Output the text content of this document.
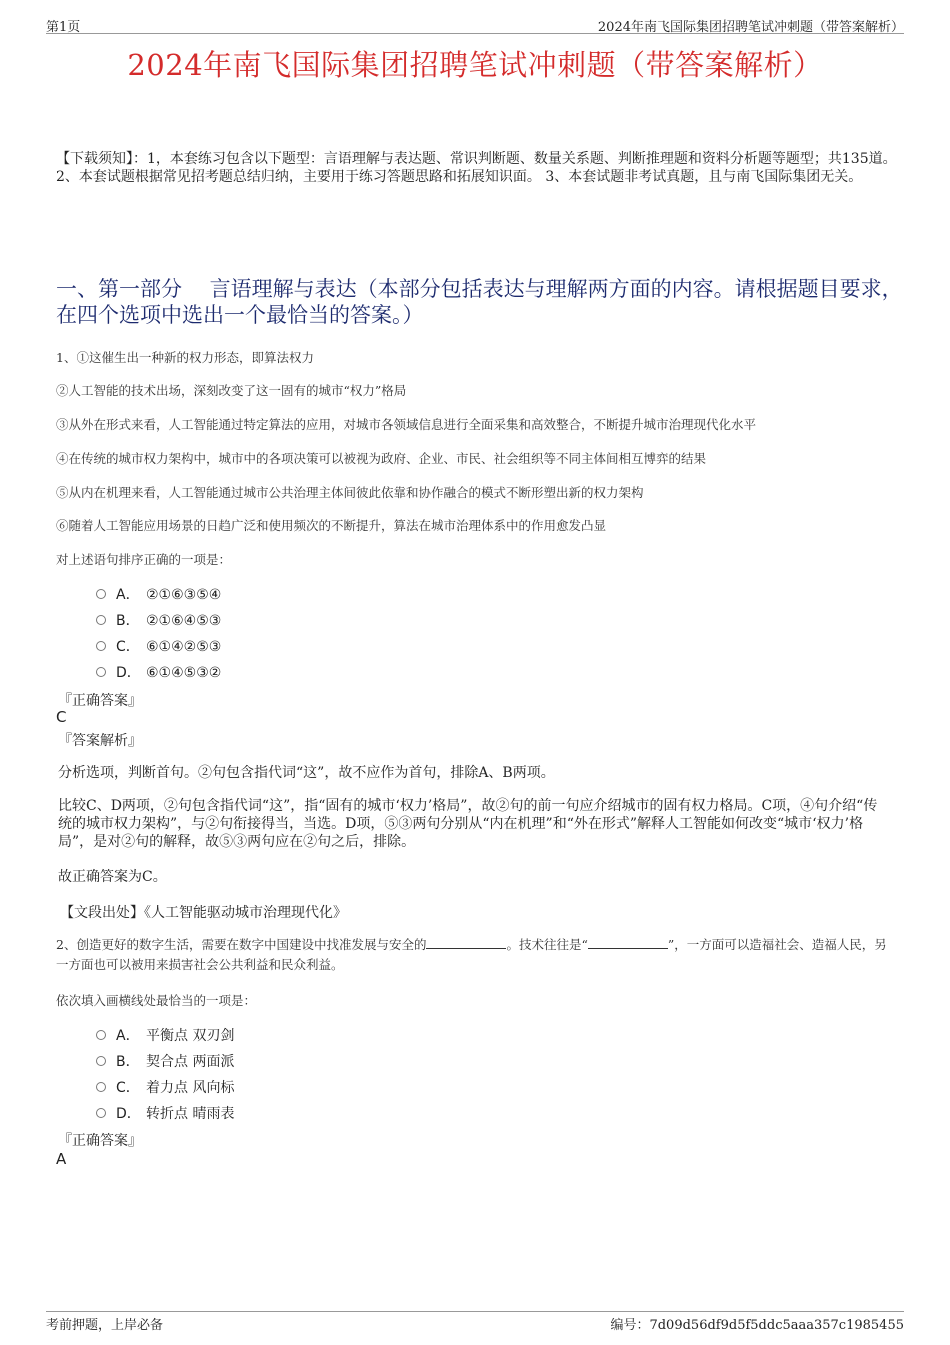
第1页	2024年南飞国际集团招聘笔试冲刺题（带答案解析）
2024年南飞国际集团招聘笔试冲刺题（带答案解析）
【下载须知】：1，本套练习包含以下题型：言语理解与表达题、常识判断题、数量关系题、判断推理题和资料分析题等题型；共135道。 2、本套试题根据常见招考题总结归纳，主要用于练习答题思路和拓展知识面。 3、本套试题非考试真题，且与南飞国际集团无关。
一、第一部分　 言语理解与表达（本部分包括表达与理解两方面的内容。请根据题目要求，在四个选项中选出一个最恰当的答案。）
1、①这催生出一种新的权力形态，即算法权力
②人工智能的技术出场，深刻改变了这一固有的城市“权力”格局
③从外在形式来看，人工智能通过特定算法的应用，对城市各领域信息进行全面采集和高效整合，不断提升城市治理现代化水平
④在传统的城市权力架构中，城市中的各项决策可以被视为政府、企业、市民、社会组织等不同主体间相互博弈的结果
⑤从内在机理来看，人工智能通过城市公共治理主体间彼此依靠和协作融合的模式不断形塑出新的权力架构
⑥随着人工智能应用场景的日趋广泛和使用频次的不断提升，算法在城市治理体系中的作用愈发凸显
对上述语句排序正确的一项是：
A． ②①⑥③⑤④
B． ②①⑥④⑤③
C． ⑥①④②⑤③
D． ⑥①④⑤③②
『正确答案』
C
『答案解析』
分析选项，判断首句。②句包含指代词“这”，故不应作为首句，排除A、B两项。
比较C、D两项，②句包含指代词“这”，指“固有的城市‘权力’格局”，故②句的前一句应介绍城市的固有权力格局。C项，④句介绍“传统的城市权力架构”，与②句衔接得当，当选。D项，⑤③两句分别从“内在机理”和“外在形式”解释人工智能如何改变“城市‘权力’格局”，是对②句的解释，故⑤③两句应在②句之后，排除。
故正确答案为C。
【文段出处】《人工智能驱动城市治理现代化》
2、创造更好的数字生活，需要在数字中国建设中找准发展与安全的	。技术往往是“	”，一方面可以造福社会、造福人民，另一方面也可以被用来损害社会公共利益和民众利益。
依次填入画横线处最恰当的一项是：
A． 平衡点 双刃剑
B． 契合点 两面派
C． 着力点 风向标
D． 转折点 晴雨表
『正确答案』
A
考前押题，上岸必备	编号：7d09d56df9d5f5ddc5aaa357c1985455
